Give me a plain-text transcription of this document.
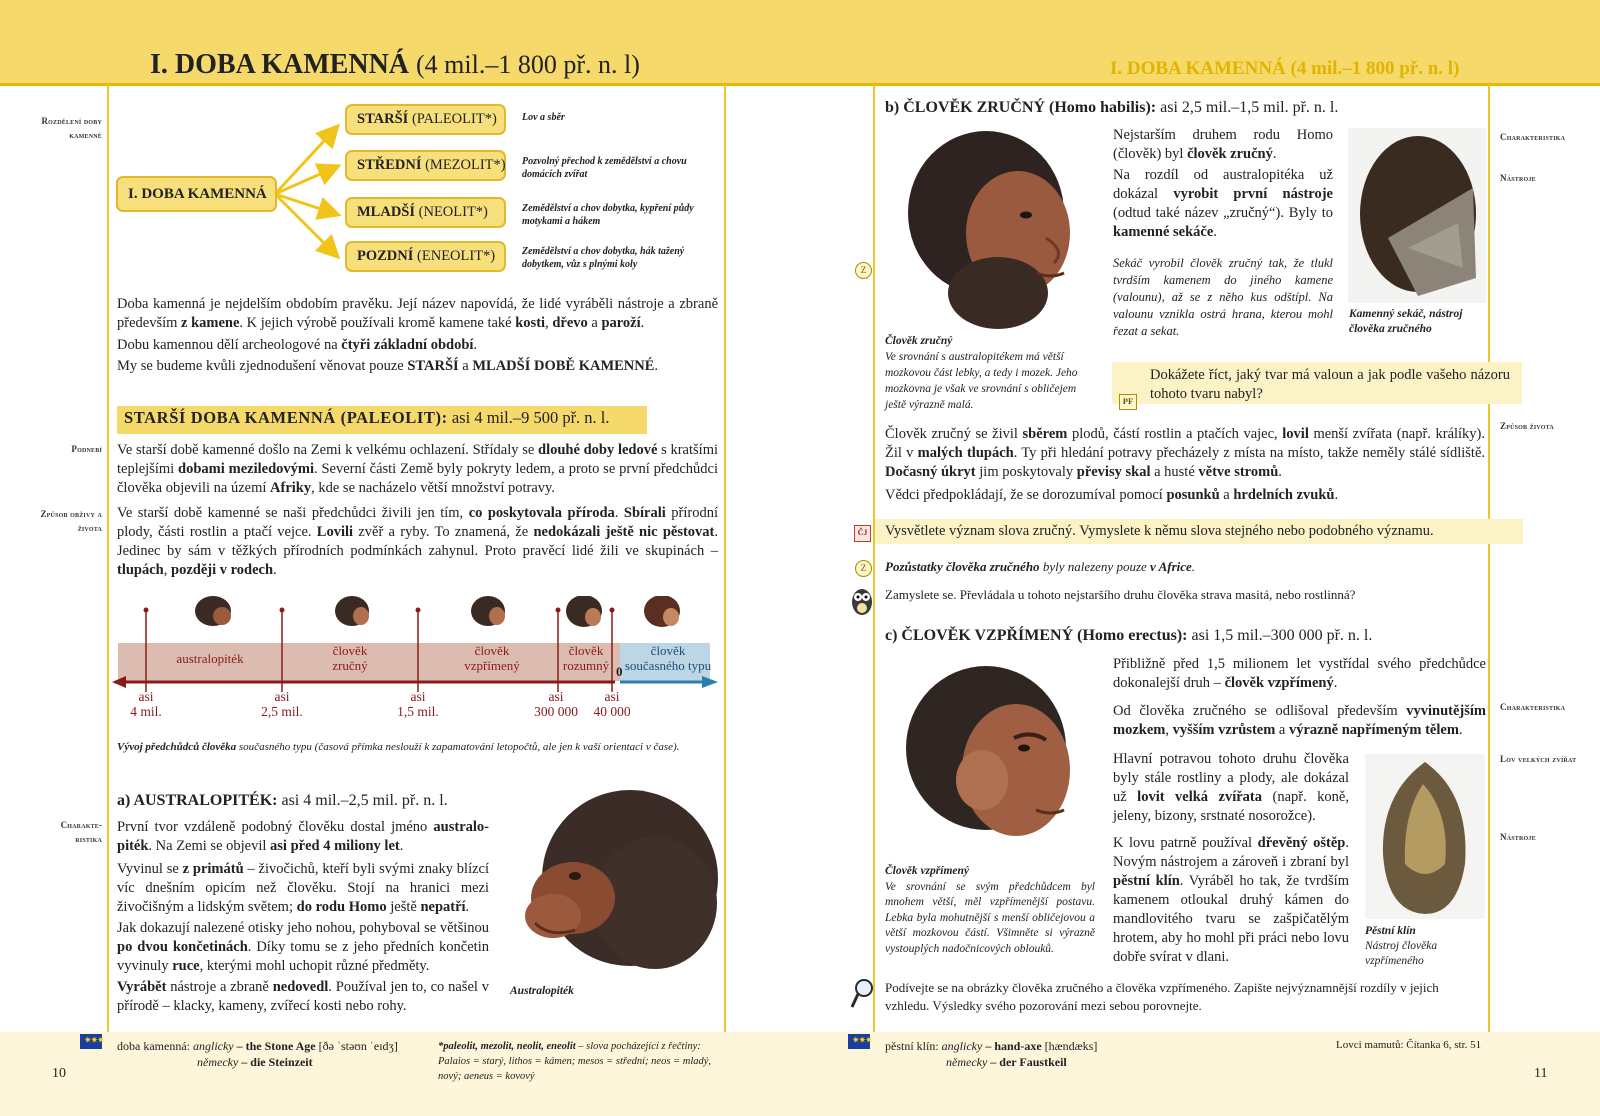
I. DOBA KAMENNÁ (4 mil.–1 800 př. n. l)	I. DOBA KAMENNÁ (4 mil.–1 800 př. n. l)
Rozdělení doby kamenné
Podnebí
Způsob obživy a života
Charakteristika
I. DOBA KAMENNÁ
STARŠÍ
(PALEOLIT*)
STŘEDNÍ
(MEZOLIT*)
MLADŠÍ
(NEOLIT*)
POZDNÍ
(ENEOLIT*)
Lov a sběr
Pozvolný přechod k zemědělství a chovu domácích zvířat
Zemědělství a chov dobytka, kypření půdy motykami a hákem
Zemědělství a chov dobytka, hák tažený dobytkem, vůz s plnými koly
Doba kamenná je nejdelším obdobím pravěku. Její název napovídá, že lidé vyráběli nástroje a zbraně především z kamene. K jejich výrobě používali kromě kamene také kosti, dřevo a paroží.
Dobu kamennou dělí archeologové na čtyři základní období.
My se budeme kvůli zjednodušení věnovat pouze STARŠÍ a MLADŠÍ DOBĚ KAMENNÉ.
STARŠÍ DOBA KAMENNÁ (PALEOLIT): asi 4 mil.–9 500 př. n. l.
Ve starší době kamenné došlo na Zemi k velkému ochlazení. Střídaly se dlouhé doby ledové s kratšími teplejšími dobami meziledovými. Severní části Země byly pokryty ledem, a proto se první předchůdci člověka objevili na území Afriky, kde se nacházelo větší množství potravy.
Ve starší době kamenné se naši předchůdci živili jen tím, co poskytovala příroda. Sbírali přírodní plody, části rostlin a ptačí vejce. Lovili zvěř a ryby. To znamená, že nedokázali ještě nic pěstovat. Jedinec by sám v těžkých přírodních podmínkách zahynul. Proto pravěcí lidé žili ve skupinách – tlupách, později v rodech.
australopiték
člověk zručný
člověk vzpřímený
člověk rozumný
člověk současného typu
0
asi
4 mil.
asi
2,5 mil.
asi
1,5 mil.
asi
300 000
asi
40 000
Vývoj předchůdců člověka současného typu (časová přímka neslouží k zapamatování letopočtů, ale jen k vaší orientaci v čase).
a) AUSTRALOPITÉK: asi 4 mil.–2,5 mil. př. n. l.
První tvor vzdáleně podobný člověku dostal jméno australopiték. Na Zemi se objevil asi před 4 miliony let.
Vyvinul se z primátů – živočichů, kteří byli svými znaky blízcí víc dnešním opicím než člověku. Stojí na hranici mezi živočišným a lidským světem; do rodu Homo ještě nepatří.
Jak dokazují nalezené otisky jeho nohou, pohyboval se většinou po dvou končetinách. Díky tomu se z jeho předních končetin vyvinuly ruce, kterými mohl uchopit různé předměty.
Vyrábět nástroje a zbraně nedovedl. Používal jen to, co našel v přírodě – klacky, kameny, zvířecí kosti nebo rohy.
Australopiték
✷✷✷ doba kamenná: anglicky – the Stone Age [ðə ˈstəʊn ˈeɪdʒ]
německy – die Steinzeit
*paleolit, mezolit, neolit, eneolit – slova pocházející z řečtiny: Palaios = starý, lithos = kámen; mesos = střední; neos = mladý, nový; aeneus = kovový
10
Charakteristika
Nástroje
Způsob života
Charakteristika
Lov velkých zvířat
Nástroje
b) ČLOVĚK ZRUČNÝ (Homo habilis): asi 2,5 mil.–1,5 mil. př. n. l.
Člověk zručný
Ve srovnání s australopitékem má větší mozkovou část lebky, a tedy i mozek. Jeho mozkovna je však ve srovnání s obličejem ještě výrazně malá.
Nejstarším druhem rodu Homo (člověk) byl člověk zručný.
Na rozdíl od australopitéka už dokázal vyrobit první nástroje (odtud také název „zručný“). Byly to kamenné sekáče.
Sekáč vyrobil člověk zručný tak, že tlukl tvrdším kamenem do jiného kamene (valounu), až se z něho kus odštípl. Na valounu vznikla ostrá hrana, kterou mohl řezat a sekat.
Kamenný sekáč, nástroj člověka zručného
PF
Dokážete říct, jaký tvar má valoun a jak podle vašeho názoru tohoto tvaru nabyl?
Člověk zručný se živil sběrem plodů, částí rostlin a ptačích vajec, lovil menší zvířata (např. králíky). Žil v malých tlupách. Ty při hledání potravy přecházely z místa na místo, takže neměly stálé sídliště. Dočasný úkryt jim poskytovaly převisy skal a husté větve stromů.
Vědci předpokládají, že se dorozumíval pomocí posunků a hrdelních zvuků.
ČJ Vysvětlete význam slova zručný. Vymyslete k němu slova stejného nebo podobného významu.
Z
Z	Pozůstatky člověka zručného byly nalezeny pouze v Africe.
Zamyslete se. Převládala u tohoto nejstaršího druhu člověka strava masitá, nebo rostlinná?
c) ČLOVĚK VZPŘÍMENÝ (Homo erectus): asi 1,5 mil.–300 000 př. n. l.
Člověk vzpřímený
Ve srovnání se svým předchůdcem byl mnohem větší, měl vzpřímenější postavu. Lebka byla mohutnější s menší obličejovou a větší mozkovou částí. Všimněte si výrazně vystouplých nadočnicových oblouků.
Přibližně před 1,5 milionem let vystřídal svého předchůdce dokonalejší druh – člověk vzpřímený.
Od člověka zručného se odlišoval především vyvinutějším mozkem, vyšším vzrůstem a výrazně napřímeným tělem.
Hlavní potravou tohoto druhu člověka byly stále rostliny a plody, ale dokázal už lovit velká zvířata (např. koně, jeleny, bizony, srstnaté nosorožce).
K lovu patrně používal dřevěný oštěp. Novým nástrojem a zároveň i zbraní byl pěstní klín. Vyráběl ho tak, že tvrdším kamenem otloukal druhý kámen do mandlovitého tvaru se zašpičatělým hrotem, aby ho mohl při práci nebo lovu dobře svírat v dlani.
Pěstní klín
Nástroj člověka vzpřímeného
Podívejte se na obrázky člověka zručného a člověka vzpřímeného. Zapište nejvýznamnější rozdíly v jejich vzhledu. Výsledky svého pozorování mezi sebou porovnejte.
✷✷✷ pěstní klín: anglicky – hand-axe [hændæks]
německy – der Faustkeil
Lovci mamutů: Čítanka 6, str. 51
11
